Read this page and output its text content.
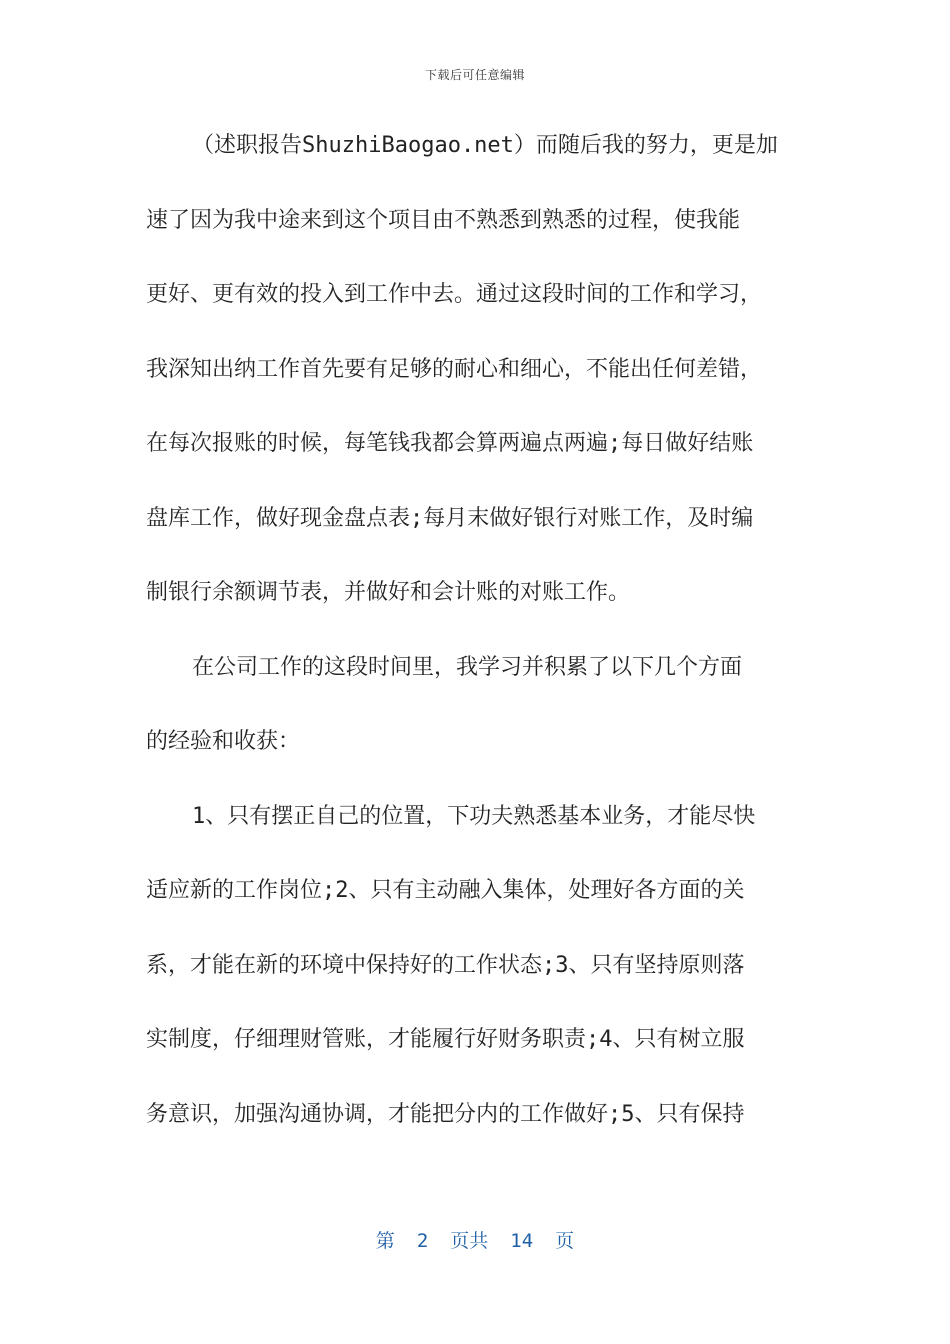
下载后可任意编辑
（述职报告ShuzhiBaogao.net）而随后我的努力，更是加
速了因为我中途来到这个项目由不熟悉到熟悉的过程，使我能
更好、更有效的投入到工作中去。通过这段时间的工作和学习，
我深知出纳工作首先要有足够的耐心和细心，不能出任何差错，
在每次报账的时候，每笔钱我都会算两遍点两遍;每日做好结账
盘库工作，做好现金盘点表;每月末做好银行对账工作，及时编
制银行余额调节表，并做好和会计账的对账工作。
在公司工作的这段时间里，我学习并积累了以下几个方面
的经验和收获：
1、只有摆正自己的位置，下功夫熟悉基本业务，才能尽快
适应新的工作岗位;2、只有主动融入集体，处理好各方面的关
系，才能在新的环境中保持好的工作状态;3、只有坚持原则落
实制度，仔细理财管账，才能履行好财务职责;4、只有树立服
务意识，加强沟通协调，才能把分内的工作做好;5、只有保持
第 2 页共 14 页
